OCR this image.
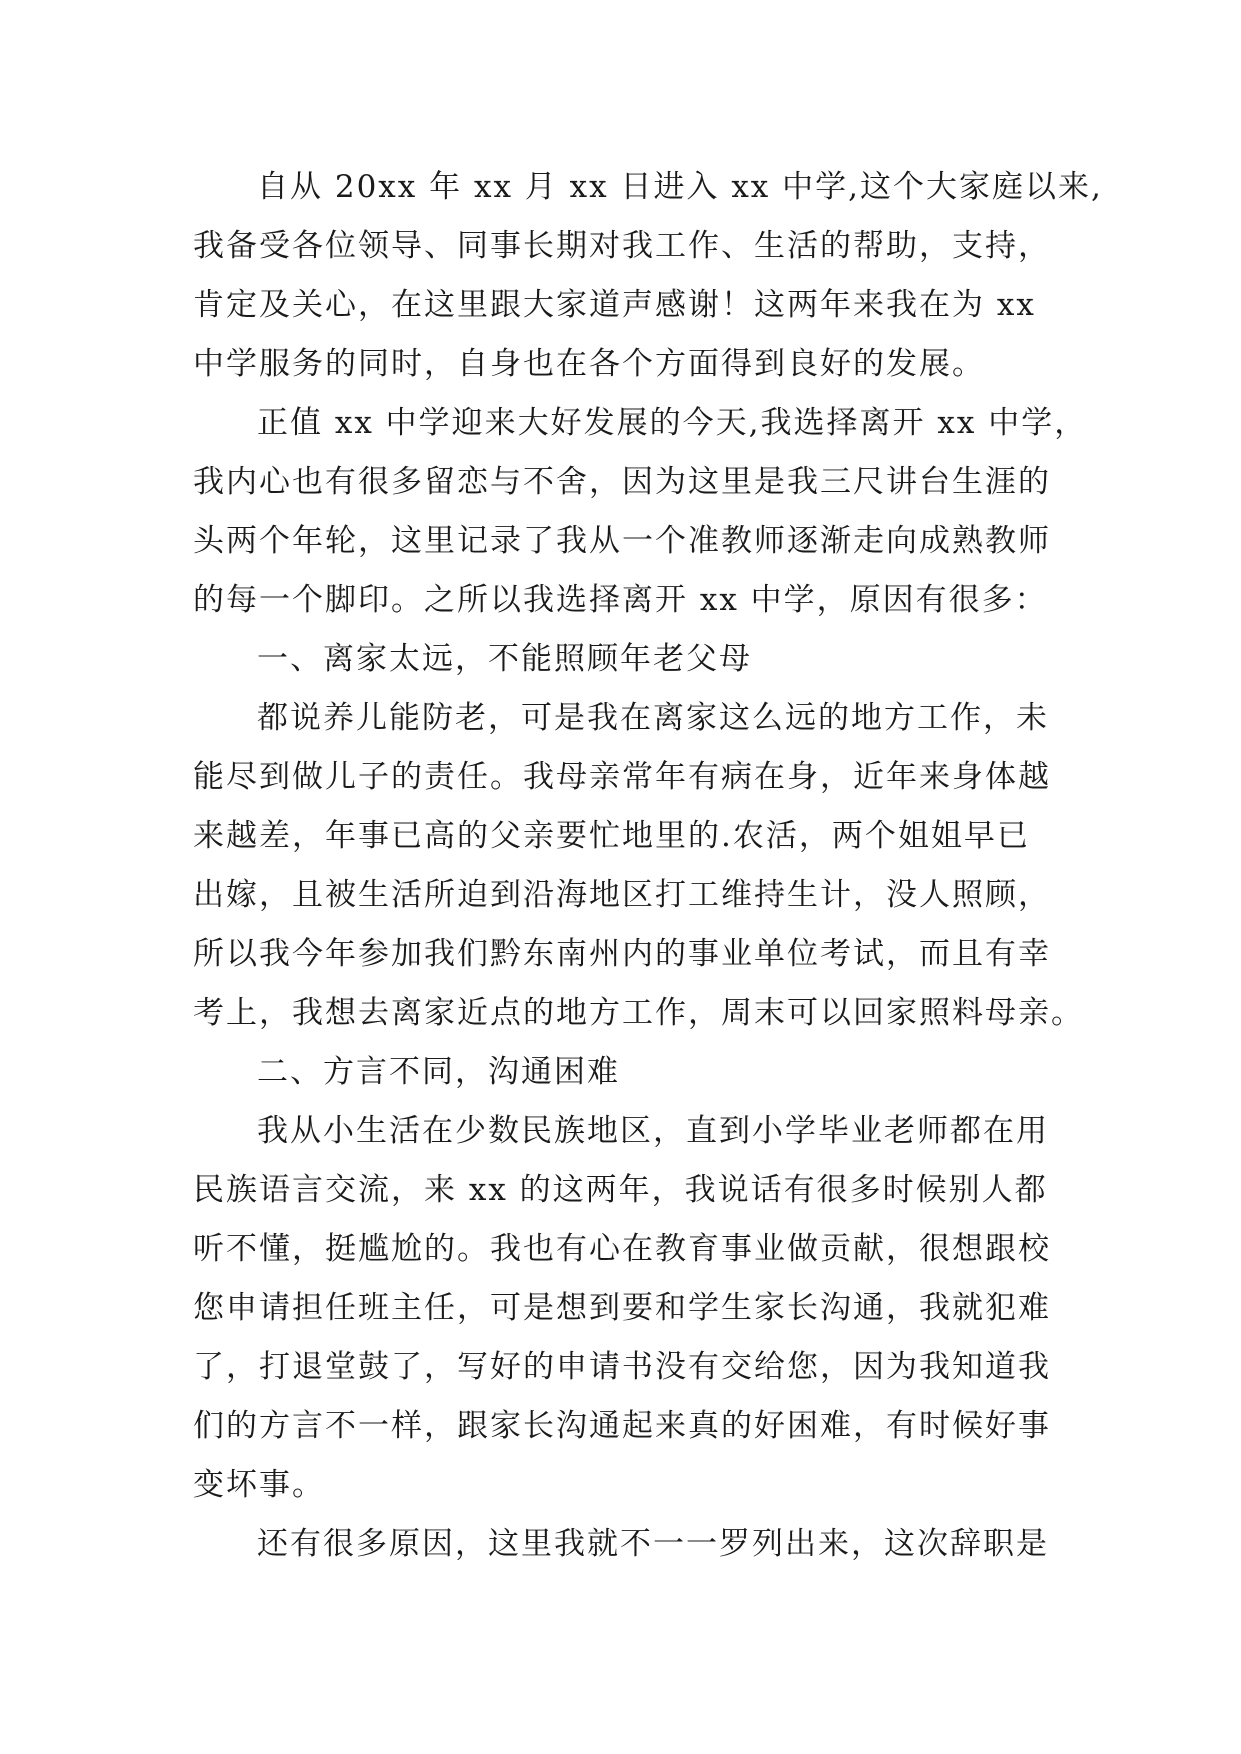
自从 20xx 年 xx 月 xx 日进入 xx 中学,这个大家庭以来,
我备受各位领导、同事长期对我工作、生活的帮助，支持，
肯定及关心，在这里跟大家道声感谢！这两年来我在为 xx
中学服务的同时，自身也在各个方面得到良好的发展。
正值 xx 中学迎来大好发展的今天,我选择离开 xx 中学，
我内心也有很多留恋与不舍，因为这里是我三尺讲台生涯的
头两个年轮，这里记录了我从一个准教师逐渐走向成熟教师
的每一个脚印。之所以我选择离开 xx 中学，原因有很多：
一、离家太远，不能照顾年老父母
都说养儿能防老，可是我在离家这么远的地方工作，未
能尽到做儿子的责任。我母亲常年有病在身，近年来身体越
来越差，年事已高的父亲要忙地里的.农活，两个姐姐早已
出嫁，且被生活所迫到沿海地区打工维持生计，没人照顾，
所以我今年参加我们黔东南州内的事业单位考试，而且有幸
考上，我想去离家近点的地方工作，周末可以回家照料母亲。
二、方言不同，沟通困难
我从小生活在少数民族地区，直到小学毕业老师都在用
民族语言交流，来 xx 的这两年，我说话有很多时候别人都
听不懂，挺尴尬的。我也有心在教育事业做贡献，很想跟校
您申请担任班主任，可是想到要和学生家长沟通，我就犯难
了，打退堂鼓了，写好的申请书没有交给您，因为我知道我
们的方言不一样，跟家长沟通起来真的好困难，有时候好事
变坏事。
还有很多原因，这里我就不一一罗列出来，这次辞职是
